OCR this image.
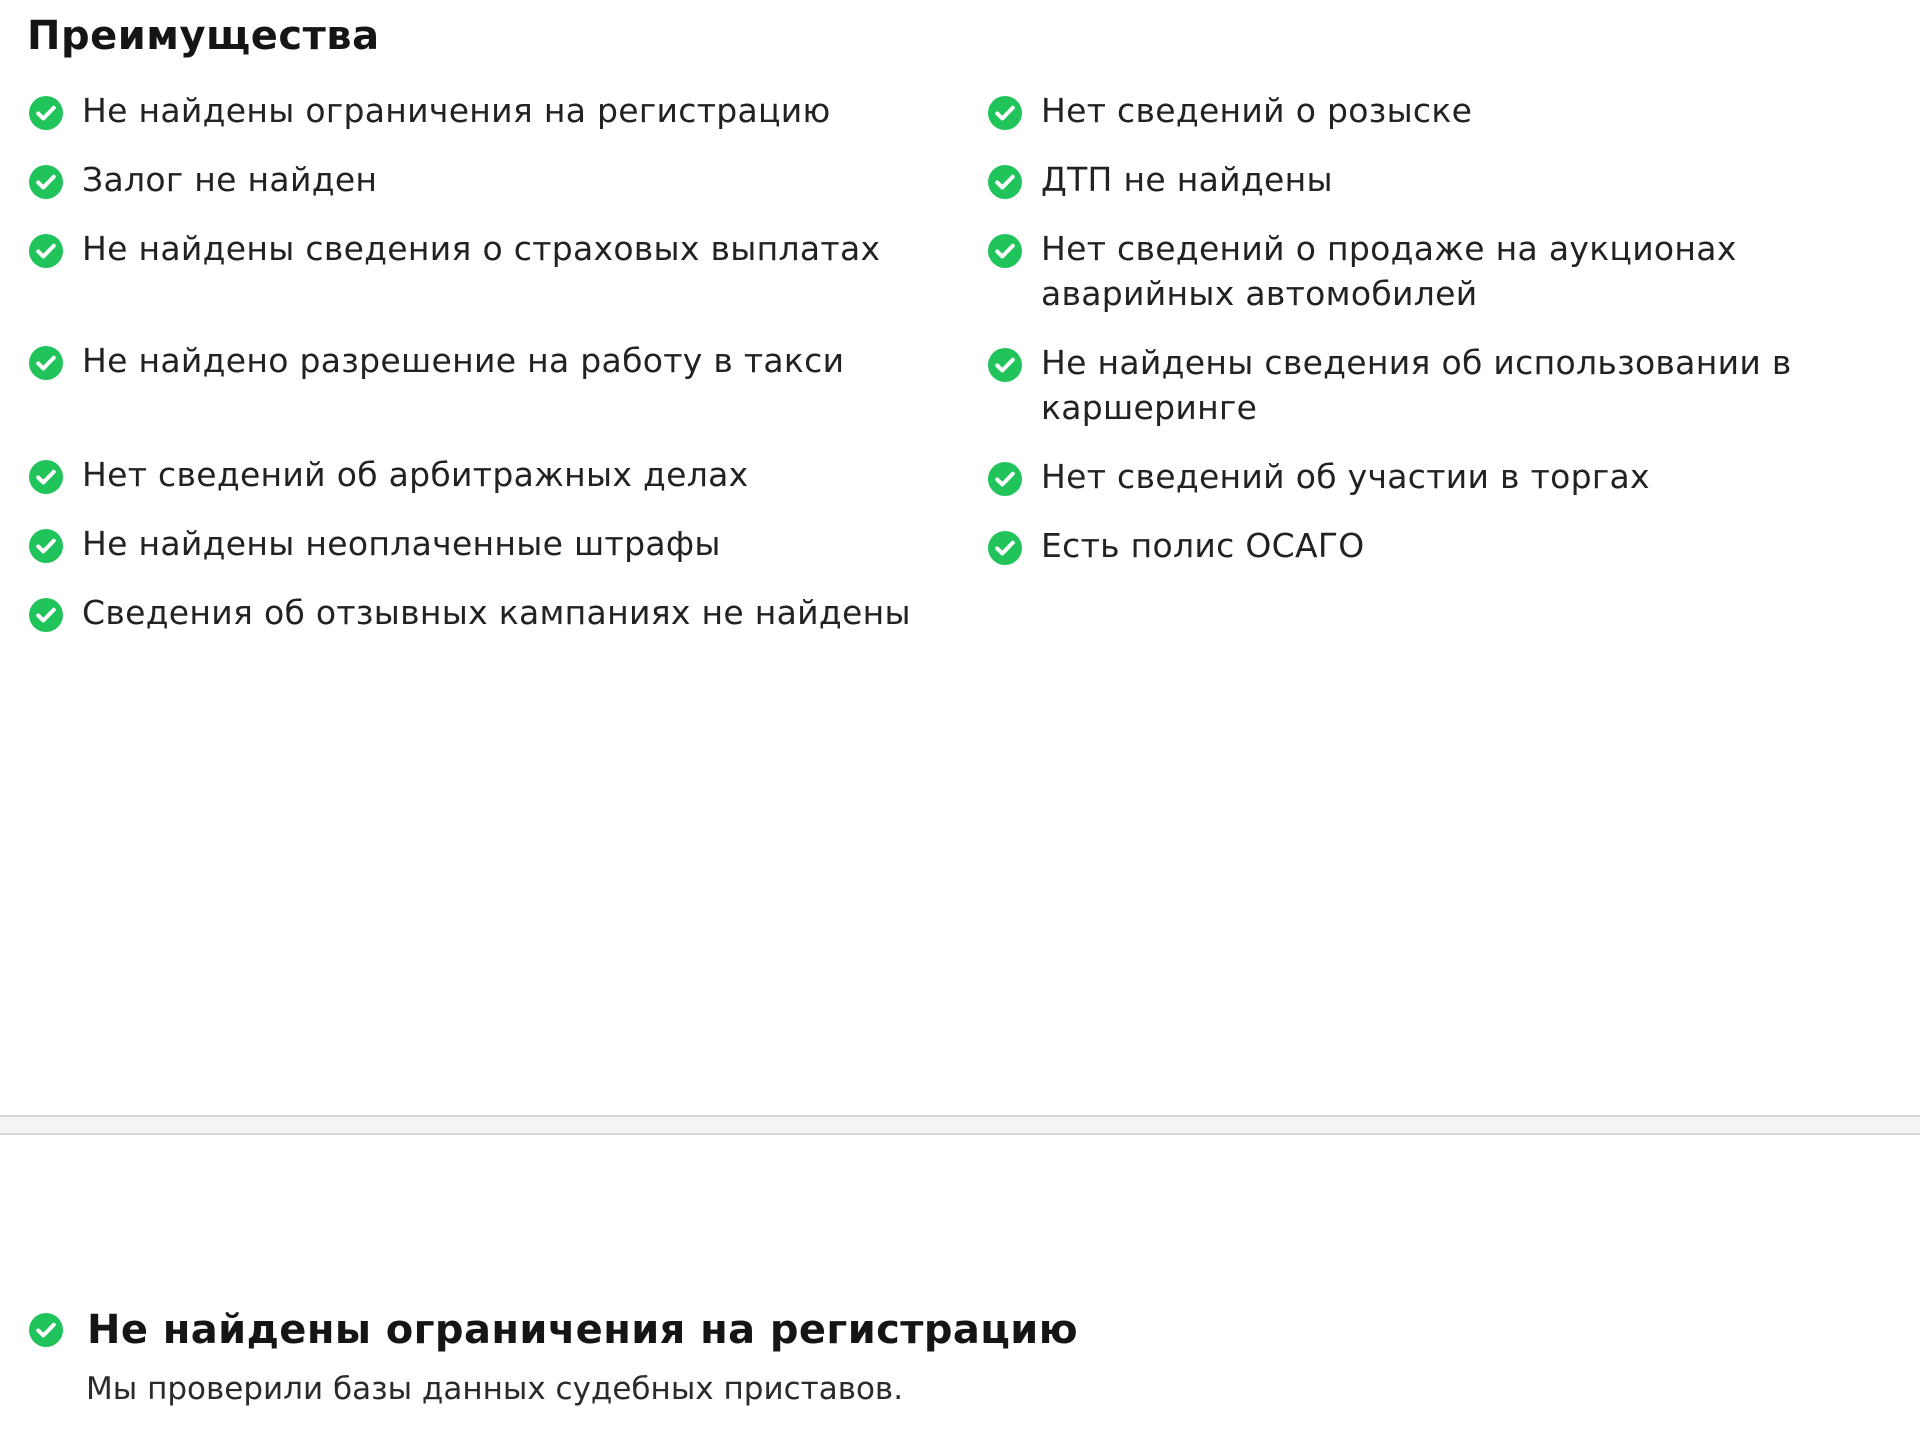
Преимущества
Не найдены ограничения на регистрацию
Залог не найден
Не найдены сведения о страховых выплатах
Не найдено разрешение на работу в такси
Нет сведений об арбитражных делах
Не найдены неоплаченные штрафы
Сведения об отзывных кампаниях не найдены
Нет сведений о розыске
ДТП не найдены
Нет сведений о продаже на аукционах аварийных автомобилей
Не найдены сведения об использовании в каршеринге
Нет сведений об участии в торгах
Есть полис ОСАГО
Не найдены ограничения на регистрацию

Мы проверили базы данных судебных приставов.
